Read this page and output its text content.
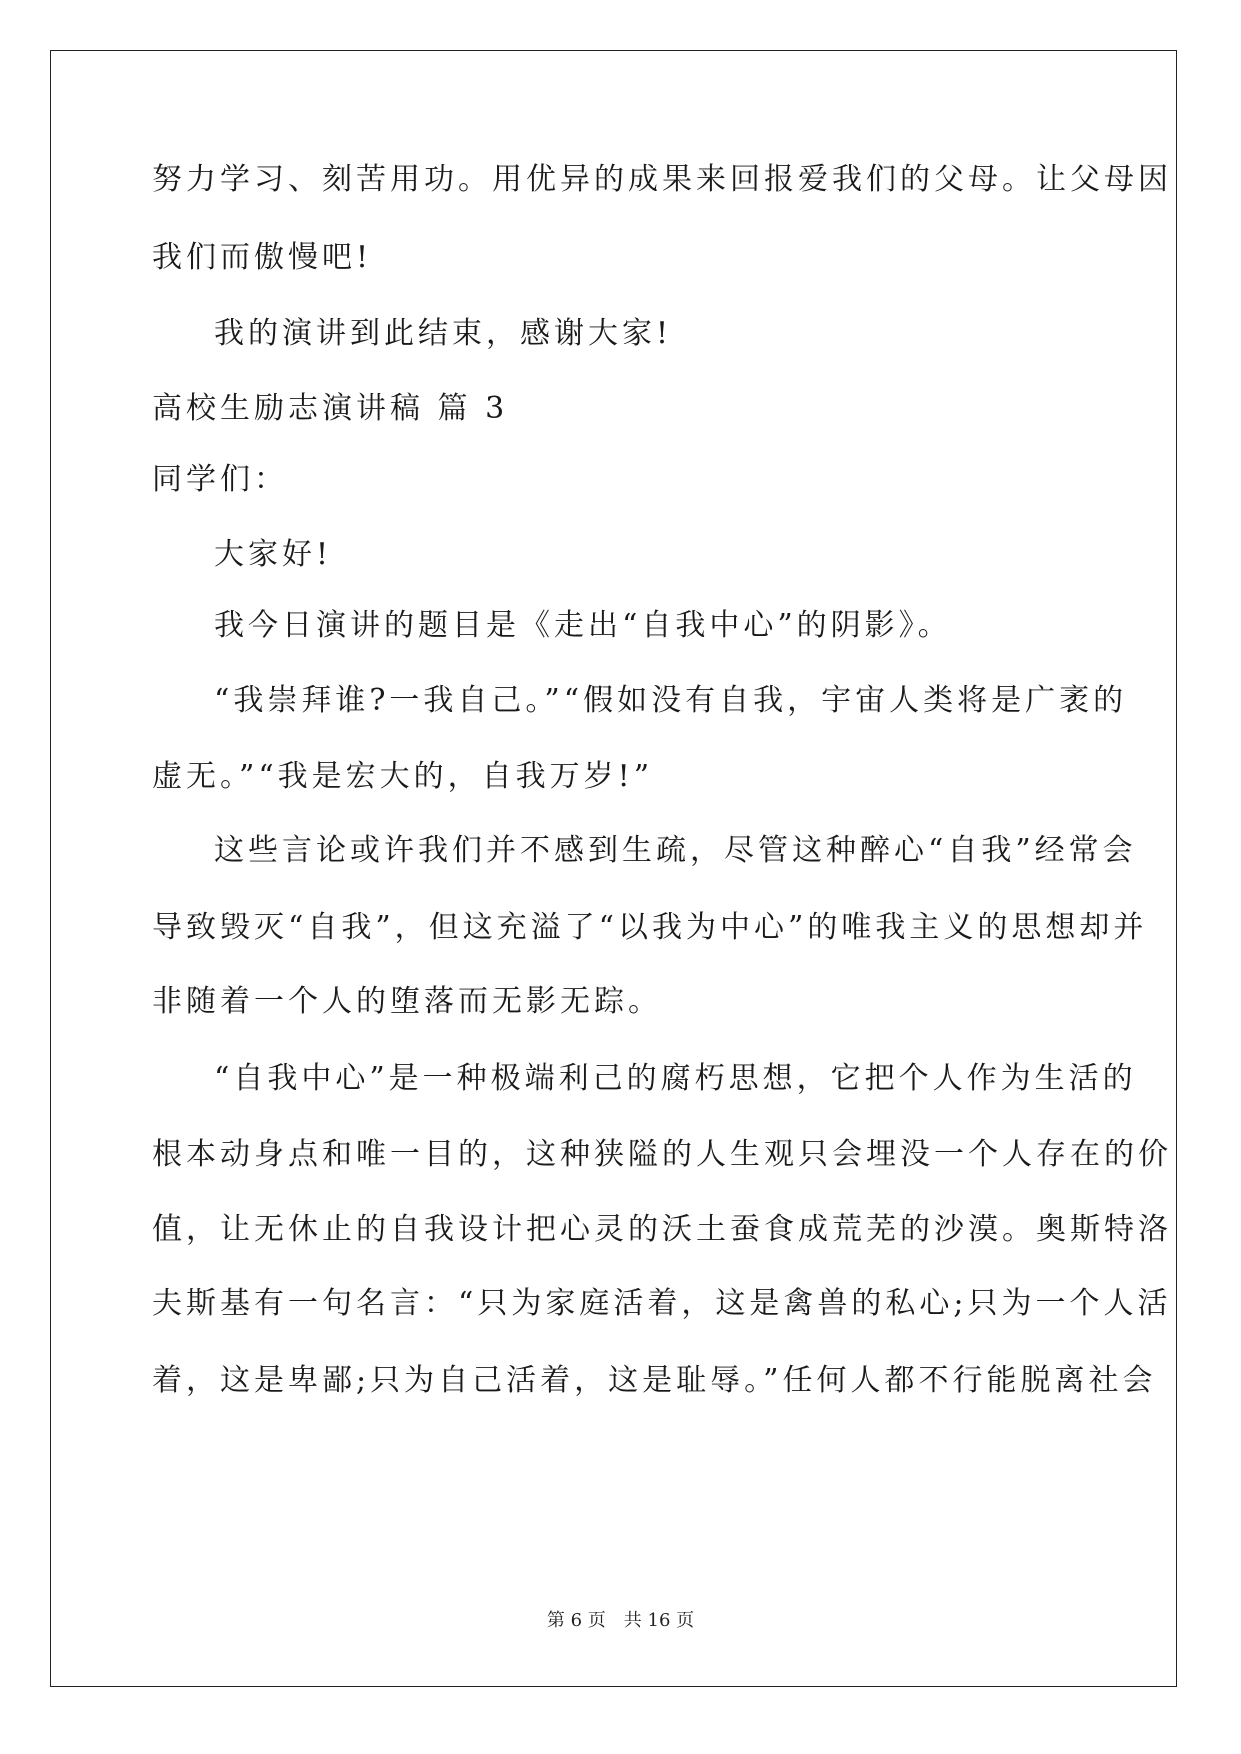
努力学习、刻苦用功。用优异的成果来回报爱我们的父母。让父母因
我们而傲慢吧!
我的演讲到此结束，感谢大家!
高校生励志演讲稿 篇 3
同学们：
大家好!
我今日演讲的题目是《走出“自我中心”的阴影》。
“我崇拜谁?一我自己。”“假如没有自我，宇宙人类将是广袤的
虚无。”“我是宏大的，自我万岁!”
这些言论或许我们并不感到生疏，尽管这种醉心“自我”经常会
导致毁灭“自我”，但这充溢了“以我为中心”的唯我主义的思想却并
非随着一个人的堕落而无影无踪。
“自我中心”是一种极端利己的腐朽思想，它把个人作为生活的
根本动身点和唯一目的，这种狭隘的人生观只会埋没一个人存在的价
值，让无休止的自我设计把心灵的沃土蚕食成荒芜的沙漠。奥斯特洛
夫斯基有一句名言：“只为家庭活着，这是禽兽的私心;只为一个人活
着，这是卑鄙;只为自己活着，这是耻辱。”任何人都不行能脱离社会
第 6 页 共 16 页
